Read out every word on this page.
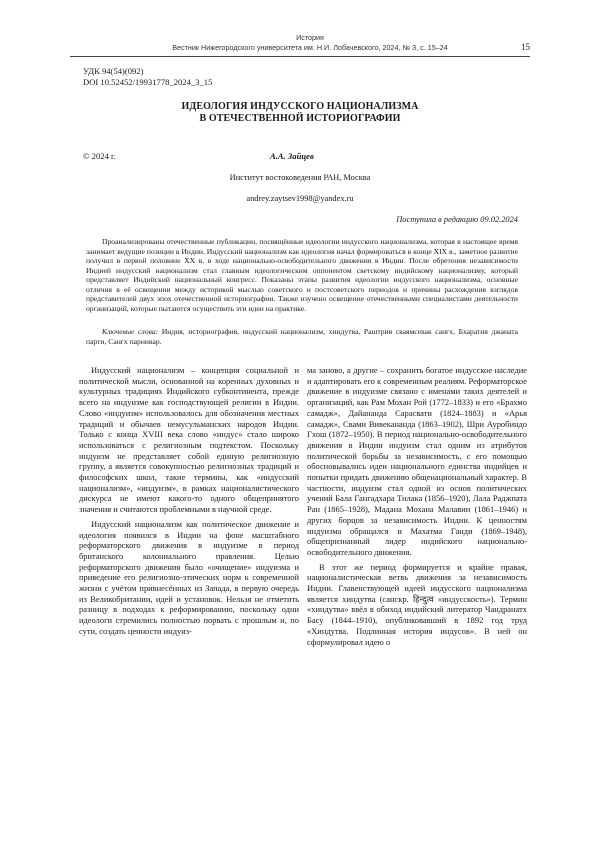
История
Вестник Нижегородского университета им. Н.И. Лобачевского, 2024, № 3, с. 15–24	15
УДК 94(54)(092)
DOI 10.52452/19931778_2024_3_15
ИДЕОЛОГИЯ ИНДУССКОГО НАЦИОНАЛИЗМА
В ОТЕЧЕСТВЕННОЙ ИСТОРИОГРАФИИ
© 2024 г.	А.А. Зайцев
Институт востоковедения РАН, Москва
andrey.zaytsev1998@yandex.ru
Поступила в редакцию 09.02.2024

Проанализированы отечественные публикации, посвящённые идеологии индусского национализма, которая в настоящее время занимает ведущие позиции в Индии. Индусский национализм как идеология начал формироваться в конце XIX в., заметное развитие получил в первой половине XX в. в ходе национально-освободительного движения в Индии. После обретения независимости Индией индусский национализм стал главным идеологическим оппонентом светскому индийскому национализму, который представляет Индийский национальный конгресс. Показаны этапы развития идеологии индусского национализма, основные отличия в её освещении между историкой мыслью советского и постсоветского периодов и причины расхождения взглядов представителей двух эпох отечественной историографии. Также изучено освещение отечественными специалистами деятельности организаций, которые пытаются осуществить эти идеи на практике.

Ключевые слова: Индия, историография, индусский национализм, хиндутва, Раштрия сваямсевак сангх, Бхаратия джаната парти, Сангх парнивар.

Индусский национализм – концепция социальной и политической мысли, основанной на коренных духовных и культурных традициях Индийского субконтинента, прежде всего на индуизме как господствующей религии в Индии. Слово «индуизм» использовалось для обозначения местных традиций и обычаев немусульманских народов Индии. Только с конца XVIII века слово «индус» стало широко использоваться с религиозным подтекстом. Поскольку индуизм не представляет собой единую религиозную группу, а является совокупностью религиозных традиций и философских школ, такие термины, как «индусский национализм», «индуизм», в рамках националистического дискурса не имеют какого-то одного общепринятого значения и считаются проблемными в научной среде.

Индусский национализм как политическое движение и идеология появился в Индии на фоне масштабного реформаторского движения в индуизме в период британского колониального правления. Целью реформаторского движения было «очищение» индуизма и приведение его религиозно-этических норм к современной жизни с учётом привнесённых из Запада, в первую очередь из Великобритании, идей и установок. Нельзя не отметить разницу в подходах к реформированию, поскольку одни идеологи стремились полностью порвать с прошлым и, по сути, создать ценности индуиз-

ма заново, а другие – сохранить богатое индусское наследие и адаптировать его к современным реалиям. Реформаторское движение в индуизме связано с именами таких деятелей и организаций, как Рам Мохан Рой (1772–1833) и его «Брахмо самадж», Дайананда Сарасвати (1824–1883) и «Арья самадж», Свами Вивекананда (1863–1902), Шри Ауробиндо Гхош (1872–1950). В период национально-освободительного движения в Индии индуизм стал одним из атрибутов политической борьбы за независимость, с его помощью обосновывались идеи национального единства индийцев и попытки придать движению общенациональный характер. В частности, индуизм стал одной из основ политических учений Бала Гангадхара Тилака (1856–1920), Лала Раджпата Ран (1865–1928), Мадана Мохана Малавии (1861–1946) и других борцов за независимость Индии. К ценностям индуизма обращался и Махатма Ганди (1869–1948), общепризнанный лидер индийского национально-освободительного движения.

В этот же период формируется и крайне правая, националистическая ветвь движения за независимость Индии. Главенствующей идеей индусского национализма является хиндутва (санскр. हिन्दुत्व «индусскость»). Термин «хиндутва» ввёл в обиход индийский литератор Чандранатх Басу (1844–1910), опубликовавший в 1892 год труд «Хиндутва. Подлинная история индусов». В ней он сформулировал идею о
